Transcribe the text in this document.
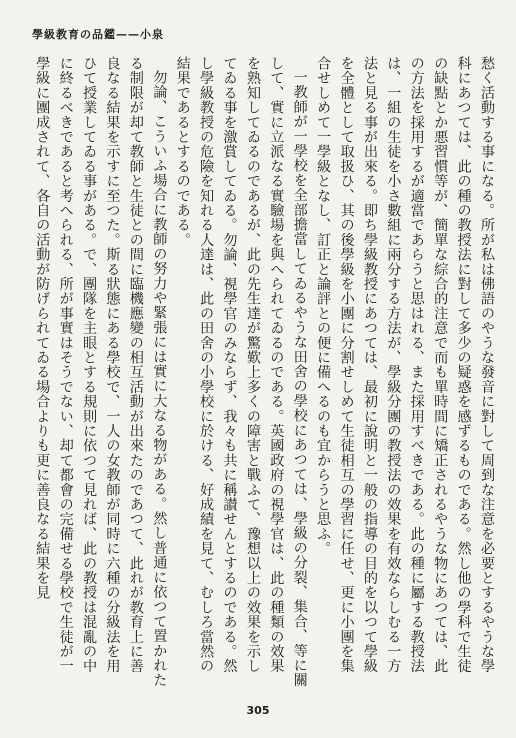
學級教育の品鑑——小泉

愁く活動する事になる。所が私は佛語のやうな發音に對して周到な注意を必要とするやうな學科にあつては、此の種の教授法に對して多少の疑惑を感ずるものである。然し他の學科で生徒の缺點とか悪習慣等が、簡單な綜合的注意で而も單時間に矯正されるやうな物にあつては、此の方法を採用するが適當であらうと思はれる、また採用すべきである。此の種に屬する教授法は、一組の生徒を小さ數組に兩分する方法が、學級分團の教授法の效果を有效ならしむる一方法と見る事が出來る。即ち學級教授にあつては、最初に說明と一般の指導の目的を以つて學級を全體として取扱ひ、其の後學級を小團に分割せしめて生徒相互の學習に任せ、更に小團を集合せしめて一學級となし、訂正と論評との便に備へるのも宜からうと思ふ。

一教師が一學校を全部擔當してゐるやうな田舍の學校にあつては、學級の分裂、集合、等に關して、實に立派なる實驗場を與へられてゐるのである。英國政府の視學官は、此の種類の效果を熟知してゐるのであるが、此の先生達が驚歎上多くの障害と戰ふて、豫想以上の效果を示してゐる事を激賞してゐる。勿論、視學官のみならず、我々も共に稱讃せんとするのである。然し學級教授の危險を知れる人達は、此の田舍の小學校に於ける、好成績を見て、むしろ當然の結果であるとするのである。

勿論、こういふ場合に教師の努力や緊張には實に大なる物がある。然し普通に依つて置かれたる制限が却て教師と生徒との間に臨機應變の相互活動が出來たのであつて、此れが教育上に善良なる結果を示すに至つた。斯る狀態にある學校で、一人の女教師が同時に六種の分級法を用ひて授業してゐる事がある。で、團隊を主眼とする規則に依つて見れば、此の教授は混亂の中に終るべきであると考へられる、所が事實はそうでない、却て都會の完備せる學校で生徒が一學級に團成されて、各自の活動が防げられてゐる場合よりも更に善良なる結果を見

305
